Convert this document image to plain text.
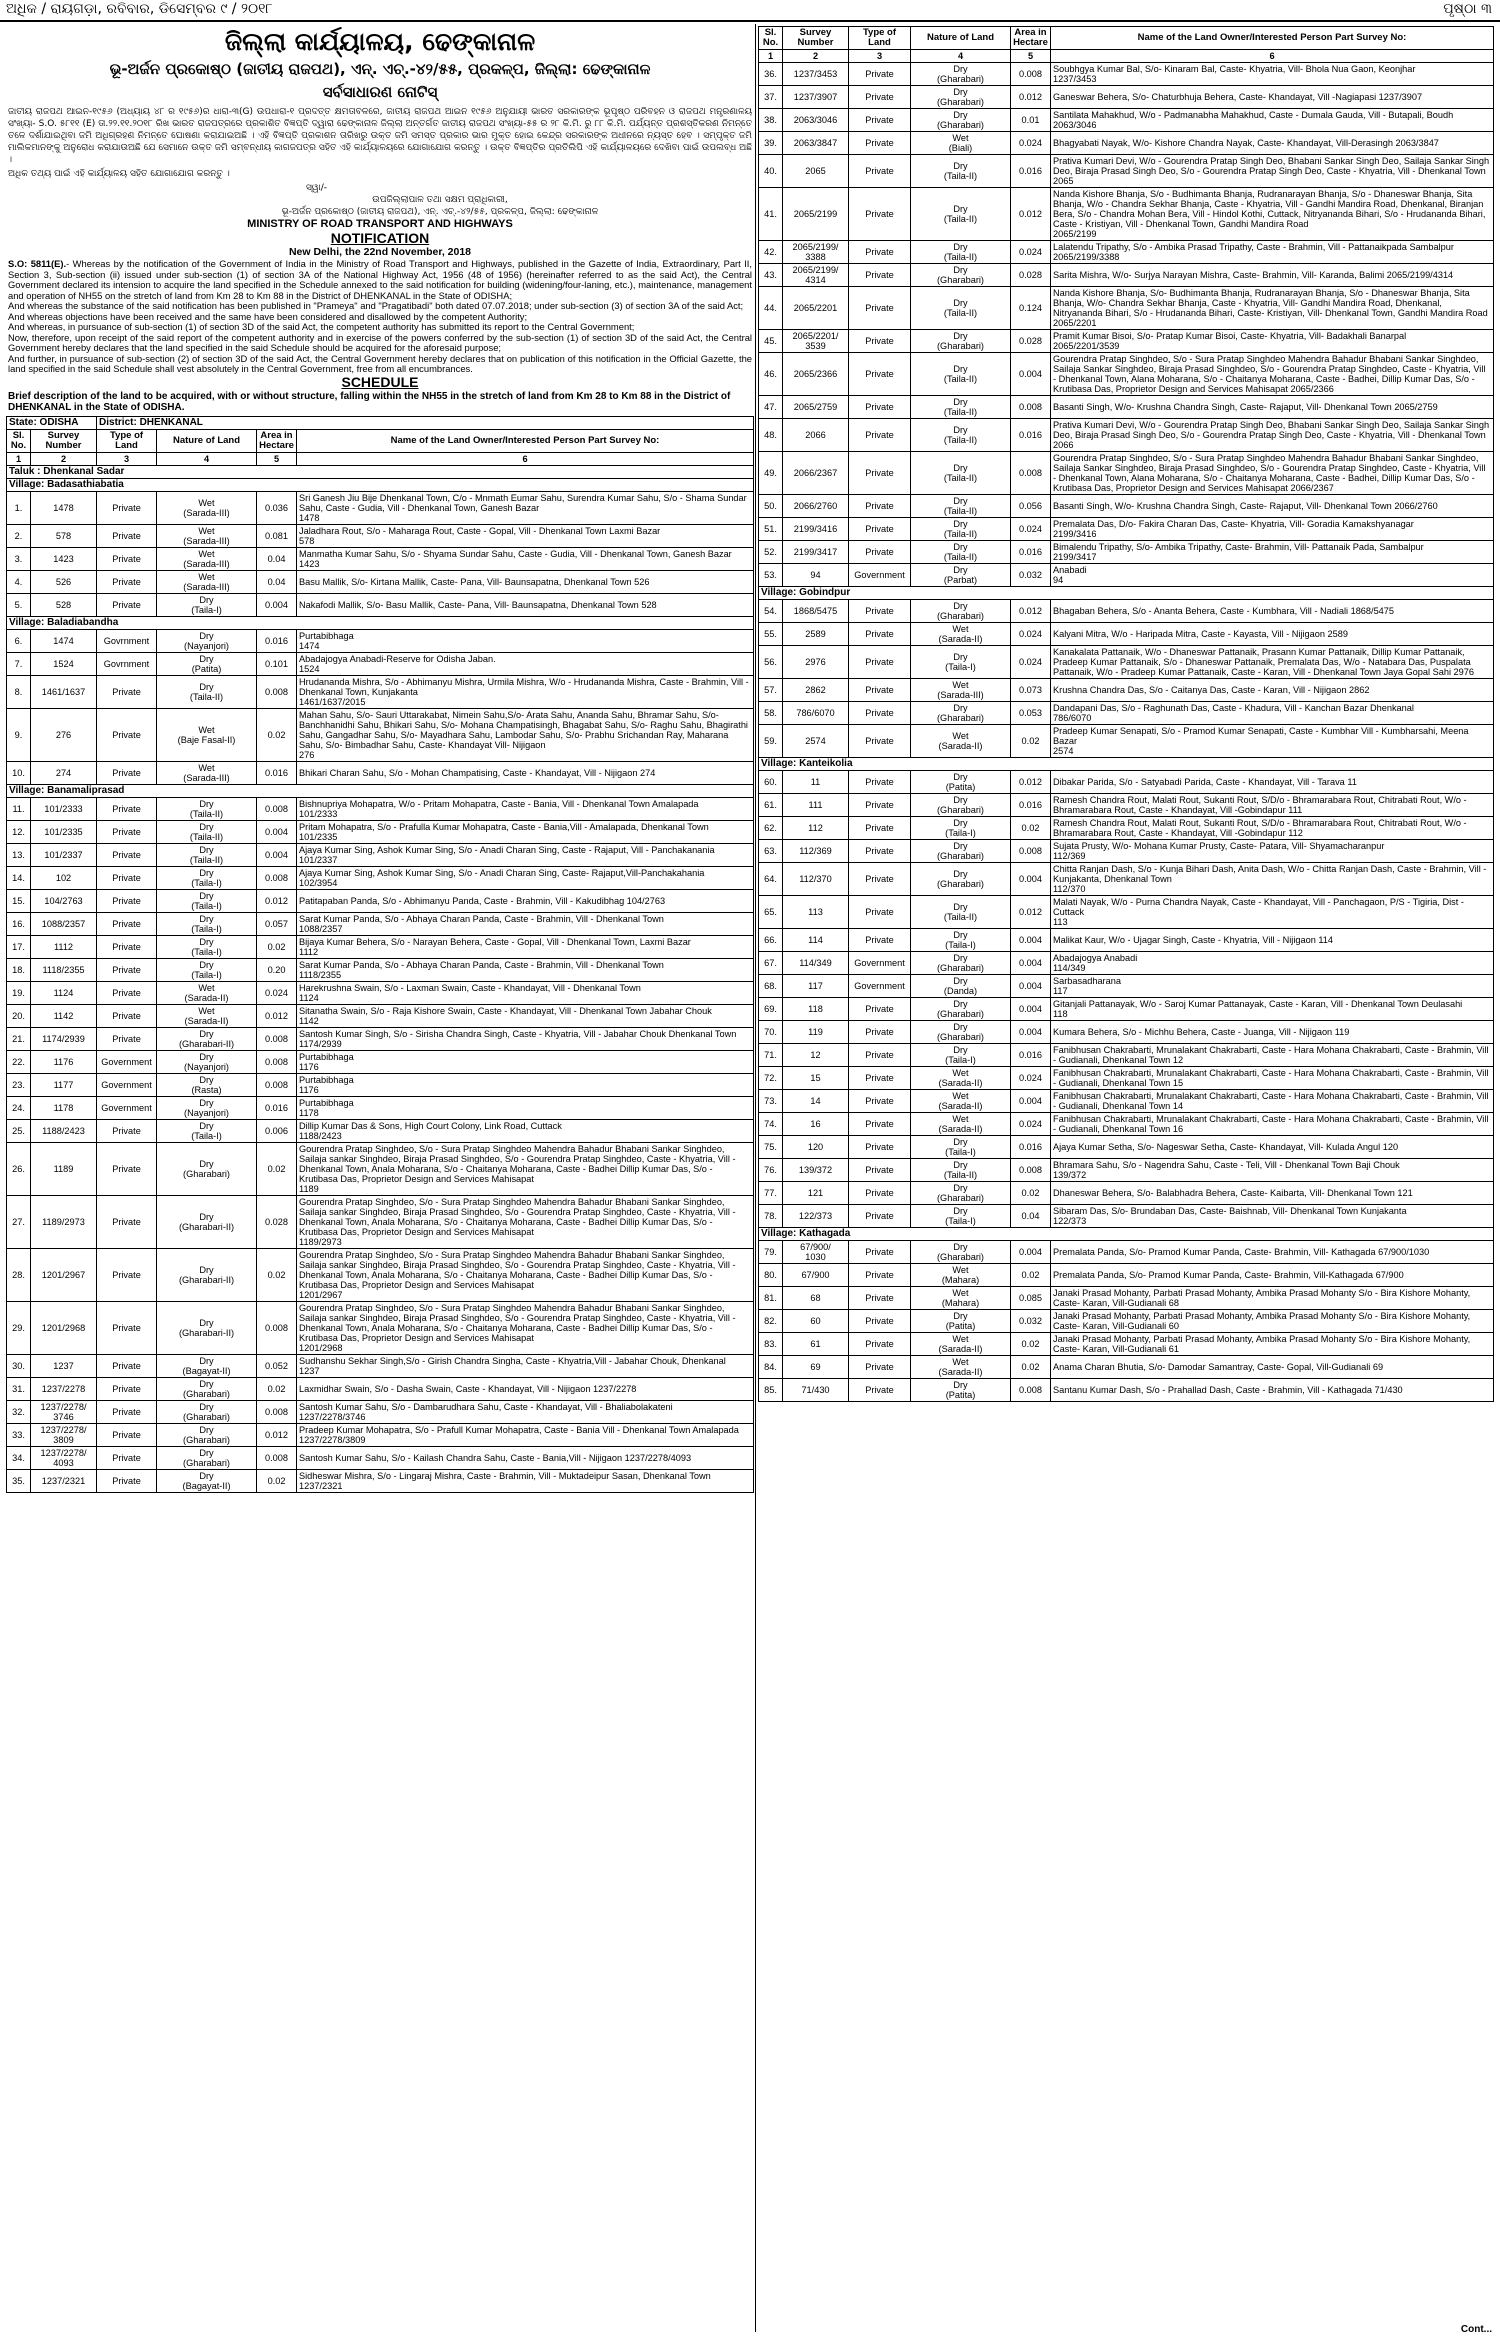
ଅଧିକ / ରାୟଗଡ଼ା, ରବିବାର, ଡିସେମ୍ବର ୯ / ୨୦୧୮	ପୃଷ୍ଠା ୩
ଜିଲ୍ଲା କାର୍ଯ୍ୟାଳୟ, ଢେଙ୍କାନାଳ
ଭୂ-ଅର୍ଜନ ପ୍ରକୋଷ୍ଠ (ଜାତୀୟ ରାଜପଥ), ଏନ୍. ଏଚ୍.-୪୨/୫୫, ପ୍ରକଳ୍ପ, ଜିଲ୍ଲା: ଢେଙ୍କାନାଳ
ସର୍ବସାଧାରଣ ନୋଟିସ୍
ଜାତୀୟ ରାଜପଥ ଆଇନ-୧୯୫୬ (ଅଧ୍ୟାୟ ୪୮ ର ୧୯୫୬)ର ଧାରା-୩(G) ଉପଧାରା-୧ ପ୍ରଦତ୍ତ କ୍ଷମତାବଳରେ, ଜାତୀୟ ରାଜପଥ ଆଇନ ୧୯୫୬ ଅନୁଯାୟୀ ଭାରତ ସରକାରଙ୍କ ଭୂପୃଷ୍ଠ ପରିବହନ ଓ ରାଜପଥ ମନ୍ତ୍ରଣାଳୟ ସଂଖ୍ୟା- S.O. ୫୮୧୧ (E) ତା.୨୨.୧୧.୨୦୧୮ ରିଖ ଭାରତ ରାଜପତ୍ରରେ ପ୍ରକାଶିତ ବିଜ୍ଞପ୍ତି ଦ୍ୱାରା ଢେଙ୍କାନାଳ ଜିଲ୍ଲା ଅନ୍ତର୍ଗତ ଜାତୀୟ ରାଜପଥ ସଂଖ୍ୟା-୫୫ ର ୨୮ କି.ମି. ରୁ ୮୮ କି.ମି. ପର୍ଯ୍ୟନ୍ତ ପ୍ରଶସ୍ତିକରଣ ନିମନ୍ତେ ତଳେ ଦର୍ଶାଯାଇଥିବା ଜମି ଅଧିଗ୍ରହଣ ନିମନ୍ତେ ଘୋଷଣା କରାଯାଇଅଛି । ଏହି ବିଜ୍ଞପ୍ତି ପ୍ରକାଶନ ତାରିଖରୁ ଉକ୍ତ ଜମି ସମସ୍ତ ପ୍ରକାର ଭାର ମୁକ୍ତ ହୋଇ କେନ୍ଦ୍ର ସରକାରଙ୍କ ଅଧୀନରେ ନ୍ୟସ୍ତ ହେବ । ସମ୍ପୃକ୍ତ ଜମି ମାଲିକମାନଙ୍କୁ ଅନୁରୋଧ କରାଯାଉଅଛି ଯେ ସେମାନେ ଉକ୍ତ ଜମି ସମ୍ବନ୍ଧୀୟ କାଗଜପତ୍ର ସହିତ ଏହି କାର୍ଯ୍ୟାଳୟରେ ଯୋଗାଯୋଗ କରନ୍ତୁ । ଉକ୍ତ ବିଜ୍ଞପ୍ତିର ପ୍ରତିଲିପି ଏହି କାର୍ଯ୍ୟାଳୟରେ ଦେଖିବା ପାଇଁ ଉପଲବ୍ଧ ଅଛି ।
ଅଧିକ ତଥ୍ୟ ପାଇଁ ଏହି କାର୍ଯ୍ୟାଳୟ ସହିତ ଯୋଗାଯୋଗ କରନ୍ତୁ ।
ସ୍ୱା/-
ଉପଜିଲ୍ଲାପାଳ ତଥା ସକ୍ଷମ ପ୍ରାଧିକାରୀ,
ଭୂ-ଅର୍ଜନ ପ୍ରକୋଷ୍ଠ (ଜାତୀୟ ରାଜପଥ), ଏନ୍. ଏଚ୍.-୪୨/୫୫, ପ୍ରକଳ୍ପ, ଜିଲ୍ଲା: ଢେଙ୍କାନାଳ
MINISTRY OF ROAD TRANSPORT AND HIGHWAYS
NOTIFICATION
New Delhi, the 22nd November, 2018
S.O: 5811(E).- Whereas by the notification of the Government of India in the Ministry of Road Transport and Highways, published in the Gazette of India, Extraordinary, Part II, Section 3, Sub-section (ii) issued under sub-section (1) of section 3A of the National Highway Act, 1956 (48 of 1956) (hereinafter referred to as the said Act), the Central Government declared its intension to acquire the land specified in the Schedule annexed to the said notification for building (widening/four-laning, etc.), maintenance, management and operation of NH55 on the stretch of land from Km 28 to Km 88 in the District of DHENKANAL in the State of ODISHA;
And whereas the substance of the said notification has been published in "Prameya" and "Pragatibadi" both dated 07.07.2018; under sub-section (3) of section 3A of the said Act;
And whereas objections have been received and the same have been considered and disallowed by the competent Authority;
And whereas, in pursuance of sub-section (1) of section 3D of the said Act, the competent authority has submitted its report to the Central Government;
Now, therefore, upon receipt of the said report of the competent authority and in exercise of the powers conferred by the sub-section (1) of section 3D of the said Act, the Central Government hereby declares that the land specified in the said Schedule should be acquired for the aforesaid purpose;
And further, in pursuance of sub-section (2) of section 3D of the said Act, the Central Government hereby declares that on publication of this notification in the Official Gazette, the land specified in the said Schedule shall vest absolutely in the Central Government, free from all encumbrances.
SCHEDULE
Brief description of the land to be acquired, with or without structure, falling within the NH55 in the stretch of land from Km 28 to Km 88 in the District of DHENKANAL in the State of ODISHA.
State: ODISHA		District: DHENKANAL			
Sl. No.	Survey Number	Type of Land	Nature of Land	Area in Hectare	Name of the Land Owner/Interested Person Part Survey No:
1	2	3	4	5	6
Taluk : Dhenkanal Sadar					
Village: Badasathiabatia					
1.	1478	Private	Wet
(Sarada-III)	0.036	Sri Ganesh Jiu Bije Dhenkanal Town, C/o - Mnmath Eumar Sahu, Surendra Kumar Sahu, S/o - Shama Sundar Sahu, Caste - Gudia, Vill - Dhenkanal Town, Ganesh Bazar
1478
2.	578	Private	Wet
(Sarada-III)	0.081	Jaladhara Rout, S/o - Maharaga Rout, Caste - Gopal, Vill - Dhenkanal Town Laxmi Bazar
578
3.	1423	Private	Wet
(Sarada-III)	0.04	Manmatha Kumar Sahu, S/o - Shyama Sundar Sahu, Caste - Gudia, Vill - Dhenkanal Town, Ganesh Bazar
1423
4.	526	Private	Wet
(Sarada-III)	0.04	Basu Mallik, S/o- Kirtana Mallik, Caste- Pana, Vill- Baunsapatna, Dhenkanal Town 526
5.	528	Private	Dry
(Taila-I)	0.004	Nakafodi Mallik, S/o- Basu Mallik, Caste- Pana, Vill- Baunsapatna, Dhenkanal Town 528
Village: Baladiabandha					
6.	1474	Govrnment	Dry
(Nayanjori)	0.016	Purtabibhaga
1474
7.	1524	Govrnment	Dry
(Patita)	0.101	Abadajogya Anabadi-Reserve for Odisha Jaban.
1524
8.	1461/1637	Private	Dry
(Taila-II)	0.008	Hrudananda Mishra, S/o - Abhimanyu Mishra, Urmila Mishra, W/o - Hrudananda Mishra, Caste - Brahmin, Vill - Dhenkanal Town, Kunjakanta
1461/1637/2015
9.	276	Private	Wet
(Baje Fasal-II)	0.02	Mahan Sahu, S/o- Sauri Uttarakabat, Nimein Sahu,S/o- Arata Sahu, Ananda Sahu, Bhramar Sahu, S/o- Banchhanidhi Sahu, Bhikari Sahu, S/o- Mohana Champatisingh, Bhagabat Sahu, S/o- Raghu Sahu, Bhagirathi Sahu, Gangadhar Sahu, S/o- Mayadhara Sahu, Lambodar Sahu, S/o- Prabhu Srichandan Ray, Maharana Sahu, S/o- Bimbadhar Sahu, Caste- Khandayat Vill- Nijigaon
276
10.	274	Private	Wet
(Sarada-III)	0.016	Bhikari Charan Sahu, S/o - Mohan Champatising, Caste - Khandayat, Vill - Nijigaon 274
Village: Banamaliprasad					
11.	101/2333	Private	Dry
(Taila-II)	0.008	Bishnupriya Mohapatra, W/o - Pritam Mohapatra, Caste - Bania, Vill - Dhenkanal Town Amalapada
101/2333
12.	101/2335	Private	Dry
(Taila-II)	0.004	Pritam Mohapatra, S/o - Prafulla Kumar Mohapatra, Caste - Bania,Vill - Amalapada, Dhenkanal Town
101/2335
13.	101/2337	Private	Dry
(Taila-II)	0.004	Ajaya Kumar Sing, Ashok Kumar Sing, S/o - Anadi Charan Sing, Caste - Rajaput, Vill - Panchakanania
101/2337
14.	102	Private	Dry
(Taila-I)	0.008	Ajaya Kumar Sing, Ashok Kumar Sing, S/o - Anadi Charan Sing, Caste- Rajaput,Vill-Panchakahania
102/3954
15.	104/2763	Private	Dry
(Taila-I)	0.012	Patitapaban Panda, S/o - Abhimanyu Panda, Caste - Brahmin, Vill - Kakudibhag 104/2763
16.	1088/2357	Private	Dry
(Taila-I)	0.057	Sarat Kumar Panda, S/o - Abhaya Charan Panda, Caste - Brahmin, Vill - Dhenkanal Town
1088/2357
17.	1112	Private	Dry
(Taila-I)	0.02	Bijaya Kumar Behera, S/o - Narayan Behera, Caste - Gopal, Vill - Dhenkanal Town, Laxmi Bazar
1112
18.	1118/2355	Private	Dry
(Taila-I)	0.20	Sarat Kumar Panda, S/o - Abhaya Charan Panda, Caste - Brahmin, Vill - Dhenkanal Town
1118/2355
19.	1124	Private	Wet
(Sarada-II)	0.024	Harekrushna Swain, S/o - Laxman Swain, Caste - Khandayat, Vill - Dhenkanal Town
1124
20.	1142	Private	Wet
(Sarada-II)	0.012	Sitanatha Swain, S/o - Raja Kishore Swain, Caste - Khandayat, Vill - Dhenkanal Town Jabahar Chouk
1142
21.	1174/2939	Private	Dry
(Gharabari-II)	0.008	Santosh Kumar Singh, S/o - Sirisha Chandra Singh, Caste - Khyatria, Vill - Jabahar Chouk Dhenkanal Town
1174/2939
22.	1176	Government	Dry
(Nayanjori)	0.008	Purtabibhaga
1176
23.	1177	Government	Dry
(Rasta)	0.008	Purtabibhaga
1176
24.	1178	Government	Dry
(Nayanjori)	0.016	Purtabibhaga
1178
25.	1188/2423	Private	Dry
(Taila-I)	0.006	Dillip Kumar Das & Sons, High Court Colony, Link Road, Cuttack
1188/2423
26.	1189	Private	Dry
(Gharabari)	0.02	Gourendra Pratap Singhdeo, S/o - Sura Pratap Singhdeo Mahendra Bahadur Bhabani Sankar Singhdeo, Sailaja sankar Singhdeo, Biraja Prasad Singhdeo, S/o - Gourendra Pratap Singhdeo, Caste - Khyatria, Vill - Dhenkanal Town, Anala Moharana, S/o - Chaitanya Moharana, Caste - Badhei Dillip Kumar Das, S/o - Krutibasa Das, Proprietor Design and Services Mahisapat
1189
27.	1189/2973	Private	Dry
(Gharabari-II)	0.028	Gourendra Pratap Singhdeo, S/o - Sura Pratap Singhdeo Mahendra Bahadur Bhabani Sankar Singhdeo, Sailaja sankar Singhdeo, Biraja Prasad Singhdeo, S/o - Gourendra Pratap Singhdeo, Caste - Khyatria, Vill - Dhenkanal Town, Anala Moharana, S/o - Chaitanya Moharana, Caste - Badhei Dillip Kumar Das, S/o - Krutibasa Das, Proprietor Design and Services Mahisapat
1189/2973
28.	1201/2967	Private	Dry
(Gharabari-II)	0.02	Gourendra Pratap Singhdeo, S/o - Sura Pratap Singhdeo Mahendra Bahadur Bhabani Sankar Singhdeo, Sailaja sankar Singhdeo, Biraja Prasad Singhdeo, S/o - Gourendra Pratap Singhdeo, Caste - Khyatria, Vill - Dhenkanal Town, Anala Moharana, S/o - Chaitanya Moharana, Caste - Badhei Dillip Kumar Das, S/o - Krutibasa Das, Proprietor Design and Services Mahisapat
1201/2967
29.	1201/2968	Private	Dry
(Gharabari-II)	0.008	Gourendra Pratap Singhdeo, S/o - Sura Pratap Singhdeo Mahendra Bahadur Bhabani Sankar Singhdeo, Sailaja sankar Singhdeo, Biraja Prasad Singhdeo, S/o - Gourendra Pratap Singhdeo, Caste - Khyatria, Vill - Dhenkanal Town, Anala Moharana, S/o - Chaitanya Moharana, Caste - Badhei Dillip Kumar Das, S/o - Krutibasa Das, Proprietor Design and Services Mahisapat
1201/2968
30.	1237	Private	Dry
(Bagayat-II)	0.052	Sudhanshu Sekhar Singh,S/o - Girish Chandra Singha, Caste - Khyatria,Vill - Jabahar Chouk, Dhenkanal
1237
31.	1237/2278	Private	Dry
(Gharabari)	0.02	Laxmidhar Swain, S/o - Dasha Swain, Caste - Khandayat, Vill - Nijigaon 1237/2278
32.	1237/2278/
3746	Private	Dry
(Gharabari)	0.008	Santosh Kumar Sahu, S/o - Dambarudhara Sahu, Caste - Khandayat, Vill - Bhaliabolakateni
1237/2278/3746
33.	1237/2278/
3809	Private	Dry
(Gharabari)	0.012	Pradeep Kumar Mohapatra, S/o - Prafull Kumar Mohapatra, Caste - Bania Vill - Dhenkanal Town Amalapada
1237/2278/3809
34.	1237/2278/
4093	Private	Dry
(Gharabari)	0.008	Santosh Kumar Sahu, S/o - Kailash Chandra Sahu, Caste - Bania,Vill - Nijigaon 1237/2278/4093
35.	1237/2321	Private	Dry
(Bagayat-II)	0.02	Sidheswar Mishra, S/o - Lingaraj Mishra, Caste - Brahmin, Vill - Muktadeipur Sasan, Dhenkanal Town
1237/2321
Sl. No.	Survey Number	Type of Land	Nature of Land	Area in Hectare	Name of the Land Owner/Interested Person Part Survey No:
1	2	3	4	5	6
36.	1237/3453	Private	Dry
(Gharabari)	0.008	Soubhgya Kumar Bal, S/o- Kinaram Bal, Caste- Khyatria, Vill- Bhola Nua Gaon, Keonjhar
1237/3453
37.	1237/3907	Private	Dry
(Gharabari)	0.012	Ganeswar Behera, S/o- Chaturbhuja Behera, Caste- Khandayat, Vill -Nagiapasi 1237/3907
38.	2063/3046	Private	Dry
(Gharabari)	0.01	Santilata Mahakhud, W/o - Padmanabha Mahakhud, Caste - Dumala Gauda, Vill - Butapali, Boudh
2063/3046
39.	2063/3847	Private	Wet
(Biali)	0.024	Bhagyabati Nayak, W/o- Kishore Chandra Nayak, Caste- Khandayat, Vill-Derasingh 2063/3847
40.	2065	Private	Dry
(Taila-II)	0.016	Prativa Kumari Devi, W/o - Gourendra Pratap Singh Deo, Bhabani Sankar Singh Deo, Sailaja Sankar Singh Deo, Biraja Prasad Singh Deo, S/o - Gourendra Pratap Singh Deo, Caste - Khyatria, Vill - Dhenkanal Town
2065
41.	2065/2199	Private	Dry
(Taila-II)	0.012	Nanda Kishore Bhanja, S/o - Budhimanta Bhanja, Rudranarayan Bhanja, S/o - Dhaneswar Bhanja, Sita Bhanja, W/o - Chandra Sekhar Bhanja, Caste - Khyatria, Vill - Gandhi Mandira Road, Dhenkanal, Biranjan Bera, S/o - Chandra Mohan Bera, Vill - Hindol Kothi, Cuttack, Nitryananda Bihari, S/o - Hrudananda Bihari, Caste - Kristiyan, Vill - Dhenkanal Town, Gandhi Mandira Road
2065/2199
42.	2065/2199/
3388	Private	Dry
(Taila-II)	0.024	Lalatendu Tripathy, S/o - Ambika Prasad Tripathy, Caste - Brahmin, Vill - Pattanaikpada Sambalpur
2065/2199/3388
43.	2065/2199/
4314	Private	Dry
(Gharabari)	0.028	Sarita Mishra, W/o- Surjya Narayan Mishra, Caste- Brahmin, Vill- Karanda, Balimi 2065/2199/4314
44.	2065/2201	Private	Dry
(Taila-II)	0.124	Nanda Kishore Bhanja, S/o- Budhimanta Bhanja, Rudranarayan Bhanja, S/o - Dhaneswar Bhanja, Sita Bhanja, W/o- Chandra Sekhar Bhanja, Caste - Khyatria, Vill- Gandhi Mandira Road, Dhenkanal, Nitryananda Bihari, S/o - Hrudananda Bihari, Caste- Kristiyan, Vill- Dhenkanal Town, Gandhi Mandira Road 2065/2201
45.	2065/2201/
3539	Private	Dry
(Gharabari)	0.028	Pramit Kumar Bisoi, S/o- Pratap Kumar Bisoi, Caste- Khyatria, Vill- Badakhali Banarpal
2065/2201/3539
46.	2065/2366	Private	Dry
(Taila-II)	0.004	Gourendra Pratap Singhdeo, S/o - Sura Pratap Singhdeo Mahendra Bahadur Bhabani Sankar Singhdeo, Sailaja Sankar Singhdeo, Biraja Prasad Singhdeo, S/o - Gourendra Pratap Singhdeo, Caste - Khyatria, Vill - Dhenkanal Town, Alana Moharana, S/o - Chaitanya Moharana, Caste - Badhei, Dillip Kumar Das, S/o - Krutibasa Das, Proprietor Design and Services Mahisapat 2065/2366
47.	2065/2759	Private	Dry
(Taila-II)	0.008	Basanti Singh, W/o- Krushna Chandra Singh, Caste- Rajaput, Vill- Dhenkanal Town 2065/2759
48.	2066	Private	Dry
(Taila-II)	0.016	Prativa Kumari Devi, W/o - Gourendra Pratap Singh Deo, Bhabani Sankar Singh Deo, Sailaja Sankar Singh Deo, Biraja Prasad Singh Deo, S/o - Gourendra Pratap Singh Deo, Caste - Khyatria, Vill - Dhenkanal Town
2066
49.	2066/2367	Private	Dry
(Taila-II)	0.008	Gourendra Pratap Singhdeo, S/o - Sura Pratap Singhdeo Mahendra Bahadur Bhabani Sankar Singhdeo, Sailaja Sankar Singhdeo, Biraja Prasad Singhdeo, S/o - Gourendra Pratap Singhdeo, Caste - Khyatria, Vill - Dhenkanal Town, Alana Moharana, S/o - Chaitanya Moharana, Caste - Badhei, Dillip Kumar Das, S/o - Krutibasa Das, Proprietor Design and Services Mahisapat 2066/2367
50.	2066/2760	Private	Dry
(Taila-II)	0.056	Basanti Singh, W/o- Krushna Chandra Singh, Caste- Rajaput, Vill- Dhenkanal Town 2066/2760
51.	2199/3416	Private	Dry
(Taila-II)	0.024	Premalata Das, D/o- Fakira Charan Das, Caste- Khyatria, Vill- Goradia Kamakshyanagar
2199/3416
52.	2199/3417	Private	Dry
(Taila-II)	0.016	Bimalendu Tripathy, S/o- Ambika Tripathy, Caste- Brahmin, Vill- Pattanaik Pada, Sambalpur
2199/3417
53.	94	Government	Dry
(Parbat)	0.032	Anabadi
94
Village: Gobindpur					
54.	1868/5475	Private	Dry
(Gharabari)	0.012	Bhagaban Behera, S/o - Ananta Behera, Caste - Kumbhara, Vill - Nadiali 1868/5475
55.	2589	Private	Wet
(Sarada-II)	0.024	Kalyani Mitra, W/o - Haripada Mitra, Caste - Kayasta, Vill - Nijigaon 2589
56.	2976	Private	Dry
(Taila-I)	0.024	Kanakalata Pattanaik, W/o - Dhaneswar Pattanaik, Prasann Kumar Pattanaik, Dillip Kumar Pattanaik, Pradeep Kumar Pattanaik, S/o - Dhaneswar Pattanaik, Premalata Das, W/o - Natabara Das, Puspalata Pattanaik, W/o - Pradeep Kumar Pattanaik, Caste - Karan, Vill - Dhenkanal Town Jaya Gopal Sahi 2976
57.	2862	Private	Wet
(Sarada-III)	0.073	Krushna Chandra Das, S/o - Caitanya Das, Caste - Karan, Vill - Nijigaon 2862
58.	786/6070	Private	Dry
(Gharabari)	0.053	Dandapani Das, S/o - Raghunath Das, Caste - Khadura, Vill - Kanchan Bazar Dhenkanal
786/6070
59.	2574	Private	Wet
(Sarada-II)	0.02	Pradeep Kumar Senapati, S/o - Pramod Kumar Senapati, Caste - Kumbhar Vill - Kumbharsahi, Meena Bazar
2574
Village: Kanteikolia					
60.	11	Private	Dry
(Patita)	0.012	Dibakar Parida, S/o - Satyabadi Parida, Caste - Khandayat, Vill - Tarava 11
61.	111	Private	Dry
(Gharabari)	0.016	Ramesh Chandra Rout, Malati Rout, Sukanti Rout, S/D/o - Bhramarabara Rout, Chitrabati Rout, W/o - Bhramarabara Rout, Caste - Khandayat, Vill -Gobindapur 111
62.	112	Private	Dry
(Taila-I)	0.02	Ramesh Chandra Rout, Malati Rout, Sukanti Rout, S/D/o - Bhramarabara Rout, Chitrabati Rout, W/o - Bhramarabara Rout, Caste - Khandayat, Vill -Gobindapur 112
63.	112/369	Private	Dry
(Gharabari)	0.008	Sujata Prusty, W/o- Mohana Kumar Prusty, Caste- Patara, Vill- Shyamacharanpur
112/369
64.	112/370	Private	Dry
(Gharabari)	0.004	Chitta Ranjan Dash, S/o - Kunja Bihari Dash, Anita Dash, W/o - Chitta Ranjan Dash, Caste - Brahmin, Vill - Kunjakanta, Dhenkanal Town
112/370
65.	113	Private	Dry
(Taila-II)	0.012	Malati Nayak, W/o - Purna Chandra Nayak, Caste - Khandayat, Vill - Panchagaon, P/S - Tigiria, Dist - Cuttack
113
66.	114	Private	Dry
(Taila-I)	0.004	Malikat Kaur, W/o - Ujagar Singh, Caste - Khyatria, Vill - Nijigaon 114
67.	114/349	Government	Dry
(Gharabari)	0.004	Abadajogya Anabadi
114/349
68.	117	Government	Dry
(Danda)	0.004	Sarbasadharana
117
69.	118	Private	Dry
(Gharabari)	0.004	Gitanjali Pattanayak, W/o - Saroj Kumar Pattanayak, Caste - Karan, Vill - Dhenkanal Town Deulasahi
118
70.	119	Private	Dry
(Gharabari)	0.004	Kumara Behera, S/o - Michhu Behera, Caste - Juanga, Vill - Nijigaon 119
71.	12	Private	Dry
(Taila-I)	0.016	Fanibhusan Chakrabarti, Mrunalakant Chakrabarti, Caste - Hara Mohana Chakrabarti, Caste - Brahmin, Vill - Gudianali, Dhenkanal Town 12
72.	15	Private	Wet
(Sarada-II)	0.024	Fanibhusan Chakrabarti, Mrunalakant Chakrabarti, Caste - Hara Mohana Chakrabarti, Caste - Brahmin, Vill - Gudianali, Dhenkanal Town 15
73.	14	Private	Wet
(Sarada-II)	0.004	Fanibhusan Chakrabarti, Mrunalakant Chakrabarti, Caste - Hara Mohana Chakrabarti, Caste - Brahmin, Vill - Gudianali, Dhenkanal Town 14
74.	16	Private	Wet
(Sarada-II)	0.024	Fanibhusan Chakrabarti, Mrunalakant Chakrabarti, Caste - Hara Mohana Chakrabarti, Caste - Brahmin, Vill - Gudianali, Dhenkanal Town 16
75.	120	Private	Dry
(Taila-I)	0.016	Ajaya Kumar Setha, S/o- Nageswar Setha, Caste- Khandayat, Vill- Kulada Angul 120
76.	139/372	Private	Dry
(Taila-II)	0.008	Bhramara Sahu, S/o - Nagendra Sahu, Caste - Teli, Vill - Dhenkanal Town Baji Chouk
139/372
77.	121	Private	Dry
(Gharabari)	0.02	Dhaneswar Behera, S/o- Balabhadra Behera, Caste- Kaibarta, Vill- Dhenkanal Town 121
78.	122/373	Private	Dry
(Taila-I)	0.04	Sibaram Das, S/o- Brundaban Das, Caste- Baishnab, Vill- Dhenkanal Town Kunjakanta
122/373
Village: Kathagada					
79.	67/900/
1030	Private	Dry
(Gharabari)	0.004	Premalata Panda, S/o- Pramod Kumar Panda, Caste- Brahmin, Vill- Kathagada 67/900/1030
80.	67/900	Private	Wet
(Mahara)	0.02	Premalata Panda, S/o- Pramod Kumar Panda, Caste- Brahmin, Vill-Kathagada 67/900
81.	68	Private	Wet
(Mahara)	0.085	Janaki Prasad Mohanty, Parbati Prasad Mohanty, Ambika Prasad Mohanty S/o - Bira Kishore Mohanty, Caste- Karan, Vill-Gudianali 68
82.	60	Private	Dry
(Patita)	0.032	Janaki Prasad Mohanty, Parbati Prasad Mohanty, Ambika Prasad Mohanty S/o - Bira Kishore Mohanty, Caste- Karan, Vill-Gudianali 60
83.	61	Private	Wet
(Sarada-II)	0.02	Janaki Prasad Mohanty, Parbati Prasad Mohanty, Ambika Prasad Mohanty S/o - Bira Kishore Mohanty, Caste- Karan, Vill-Gudianali 61
84.	69	Private	Wet
(Sarada-II)	0.02	Anama Charan Bhutia, S/o- Damodar Samantray, Caste- Gopal, Vill-Gudianali 69
85.	71/430	Private	Dry
(Patita)	0.008	Santanu Kumar Dash, S/o - Prahallad Dash, Caste - Brahmin, Vill - Kathagada 71/430
Cont...
